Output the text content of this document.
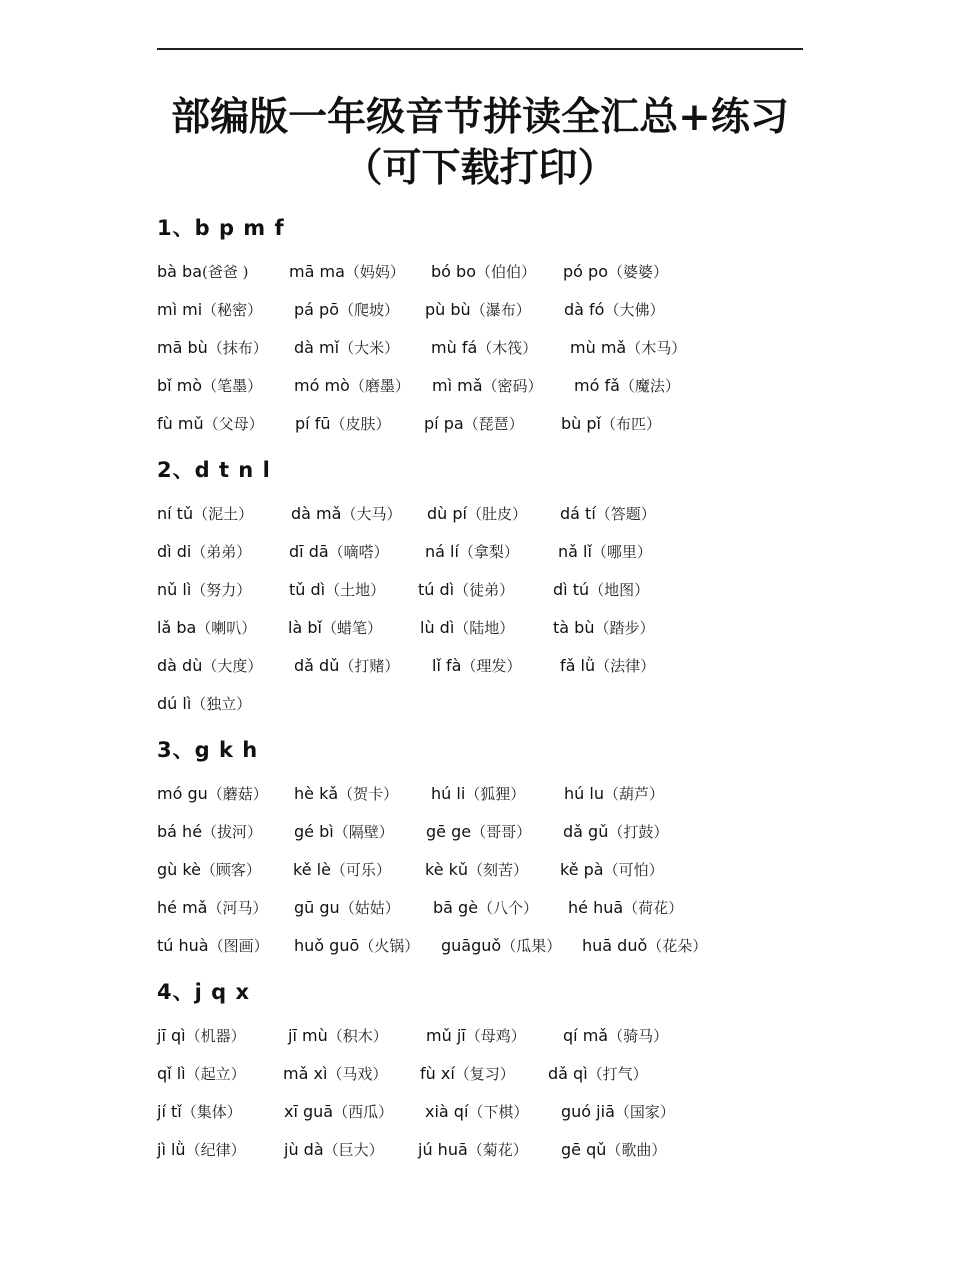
部编版一年级音节拼读全汇总+练习
（可下载打印）
1、b p m f
bà ba(爸爸 )	mā ma（妈妈） bó bo（伯伯） pó po（婆婆）
mì mi（秘密） pá pō（爬坡） pù bù（瀑布） dà fó（大佛）
mā bù（抹布） dà mǐ（大米） mù fá（木筏） mù mǎ（木马）
bǐ mò（笔墨） mó mò（磨墨） mì mǎ（密码） mó fǎ（魔法）
fù mǔ（父母） pí fū（皮肤） pí pa（琵琶） bù pǐ（布匹）
2、d t n l
ní tǔ（泥土） dà mǎ（大马） dù pí（肚皮） dá tí（答题）
dì di（弟弟） dī dā（嘀嗒） ná lí（拿梨） nǎ lǐ（哪里）
nǔ lì（努力） tǔ dì（土地） tú dì（徒弟） dì tú（地图）
lǎ ba（喇叭） là bǐ（蜡笔） lù dì（陆地） tà bù（踏步）
dà dù（大度） dǎ dǔ（打赌） lǐ fà（理发） fǎ lǜ（法律）
dú lì（独立）
3、g k h
mó gu（蘑菇） hè kǎ（贺卡） hú li（狐狸） hú lu（葫芦）
bá hé（拔河） gé bì（隔壁） gē ge（哥哥） dǎ gǔ（打鼓）
gù kè（顾客） kě lè（可乐） kè kǔ（刻苦） kě pà（可怕）
hé mǎ（河马） gū gu（姑姑） bā gè（八个） hé huā（荷花）
tú huà（图画） huǒ guō（火锅） guāguǒ（瓜果） huā duǒ（花朵）
4、j q x
jī qì（机器）	jī mù（积木） mǔ jī（母鸡） qí mǎ（骑马）
qǐ lì（起立） mǎ xì（马戏） fù xí（复习） dǎ qì（打气）
jí tǐ（集体）	xī guā（西瓜） xià qí（下棋） guó jiā（国家）
jì lǜ（纪律） jù dà（巨大） jú huā（菊花） gē qǔ（歌曲）
